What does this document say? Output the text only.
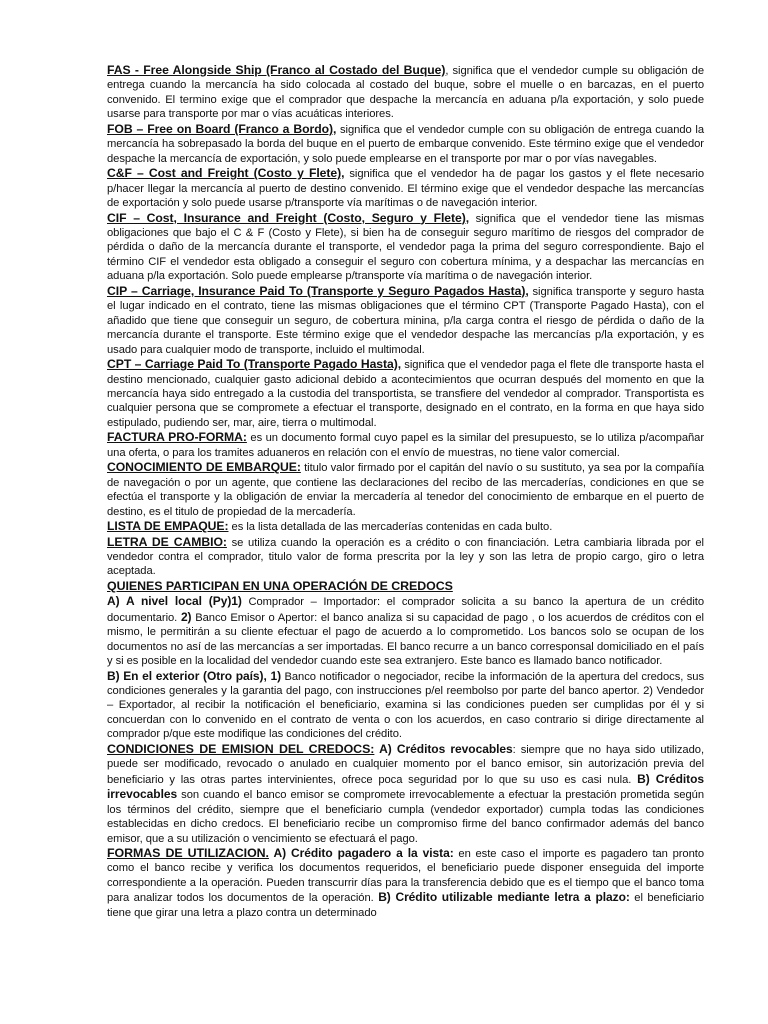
FAS - Free Alongside Ship (Franco al Costado del Buque), significa que el vendedor cumple su obligación de entrega cuando la mercancía ha sido colocada al costado del buque, sobre el muelle o en barcazas, en el puerto convenido. El termino exige que el comprador que despache la mercancía en aduana p/la exportación, y solo puede usarse para transporte por mar o vías acuáticas interiores.

FOB – Free on Board (Franco a Bordo), significa que el vendedor cumple con su obligación de entrega cuando la mercancía ha sobrepasado la borda del buque en el puerto de embarque convenido. Este término exige que el vendedor despache la mercancía de exportación, y solo puede emplearse en el transporte por mar o por vías navegables.

C&F – Cost and Freight (Costo y Flete), significa que el vendedor ha de pagar los gastos y el flete necesario p/hacer llegar la mercancía al puerto de destino convenido. El término exige que el vendedor despache las mercancías de exportación y solo puede usarse p/transporte vía marítimas o de navegación interior.

CIF – Cost, Insurance and Freight (Costo, Seguro y Flete), significa que el vendedor tiene las mismas obligaciones que bajo el C & F (Costo y Flete), si bien ha de conseguir seguro marítimo de riesgos del comprador de pérdida o daño de la mercancía durante el transporte, el vendedor paga la prima del seguro correspondiente. Bajo el término CIF el vendedor esta obligado a conseguir el seguro con cobertura mínima, y a despachar las mercancías en aduana p/la exportación. Solo puede emplearse p/transporte vía marítima o de navegación interior.

CIP – Carriage, Insurance Paid To (Transporte y Seguro Pagados Hasta), significa transporte y seguro hasta el lugar indicado en el contrato, tiene las mismas obligaciones que el término CPT (Transporte Pagado Hasta), con el añadido que tiene que conseguir un seguro, de cobertura minina, p/la carga contra el riesgo de pérdida o daño de la mercancía durante el transporte. Este término exige que el vendedor despache las mercancías p/la exportación, y es usado para cualquier modo de transporte, incluido el multimodal.

CPT – Carriage Paid To (Transporte Pagado Hasta), significa que el vendedor paga el flete dle transporte hasta el destino mencionado, cualquier gasto adicional debido a acontecimientos que ocurran después del momento en que la mercancía haya sido entregado a la custodia del transportista, se transfiere del vendedor al comprador. Transportista es cualquier persona que se compromete a efectuar el transporte, designado en el contrato, en la forma en que haya sido estipulado, pudiendo ser, mar, aire, tierra o multimodal.

FACTURA PRO-FORMA: es un documento formal cuyo papel es la similar del presupuesto, se lo utiliza p/acompañar una oferta, o para los tramites aduaneros en relación con el envío de muestras, no tiene valor comercial.

CONOCIMIENTO DE EMBARQUE: titulo valor firmado por el capitán del navío o su sustituto, ya sea por la compañía de navegación o por un agente, que contiene las declaraciones del recibo de las mercaderías, condiciones en que se efectúa el transporte y la obligación de enviar la mercadería al tenedor del conocimiento de embarque en el puerto de destino, es el titulo de propiedad de la mercadería.

LISTA DE EMPAQUE: es la lista detallada de las mercaderías contenidas en cada bulto.

LETRA DE CAMBIO: se utiliza cuando la operación es a crédito o con financiación. Letra cambiaria librada por el vendedor contra el comprador, titulo valor de forma prescrita por la ley y son las letra de propio cargo, giro o letra aceptada.

QUIENES PARTICIPAN EN UNA OPERACIÓN DE CREDOCS

A) A nivel local (Py)1) Comprador – Importador: el comprador solicita a su banco la apertura de un crédito documentario. 2) Banco Emisor o Apertor: el banco analiza si su capacidad de pago , o los acuerdos de créditos con el mismo, le permitirán a su cliente efectuar el pago de acuerdo a lo comprometido. Los bancos solo se ocupan de los documentos no así de las mercancías a ser importadas. El banco recurre a un banco corresponsal domiciliado en el país y si es posible en la localidad del vendedor cuando este sea extranjero. Este banco es llamado banco notificador.

B) En el exterior (Otro país), 1) Banco notificador o negociador, recibe la información de la apertura del credocs, sus condiciones generales y la garantia del pago, con instrucciones p/el reembolso por parte del banco apertor. 2) Vendedor – Exportador, al recibir la notificación el beneficiario, examina si las condiciones pueden ser cumplidas por él y si concuerdan con lo convenido en el contrato de venta o con los acuerdos, en caso contrario si dirige directamente al comprador p/que este modifique las condiciones del crédito.

CONDICIONES DE EMISION DEL CREDOCS: A) Créditos revocables: siempre que no haya sido utilizado, puede ser modificado, revocado o anulado en cualquier momento por el banco emisor, sin autorización previa del beneficiario y las otras partes intervinientes, ofrece poca seguridad por lo que su uso es casi nula. B) Créditos irrevocables son cuando el banco emisor se compromete irrevocablemente a efectuar la prestación prometida según los términos del crédito, siempre que el beneficiario cumpla (vendedor exportador) cumpla todas las condiciones establecidas en dicho credocs. El beneficiario recibe un compromiso firme del banco confirmador además del banco emisor, que a su utilización o vencimiento se efectuará el pago.

FORMAS DE UTILIZACION. A) Crédito pagadero a la vista: en este caso el importe es pagadero tan pronto como el banco recibe y verifica los documentos requeridos, el beneficiario puede disponer enseguida del importe correspondiente a la operación. Pueden transcurrir días para la transferencia debido que es el tiempo que el banco toma para analizar todos los documentos de la operación. B) Crédito utilizable mediante letra a plazo: el beneficiario tiene que girar una letra a plazo contra un determinado
